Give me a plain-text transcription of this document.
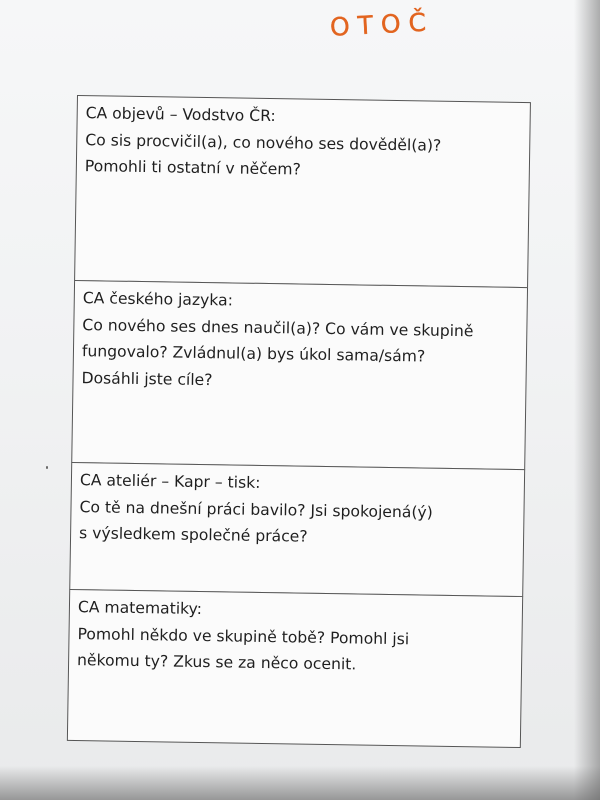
OTOČ
CA objevů – Vodstvo ČR:
Co sis procvičil(a), co nového ses dověděl(a)?
Pomohli ti ostatní v něčem?
CA českého jazyka:
Co nového ses dnes naučil(a)? Co vám ve skupině
fungovalo? Zvládnul(a) bys úkol sama/sám?
Dosáhli jste cíle?
CA ateliér – Kapr – tisk:
Co tě na dnešní práci bavilo? Jsi spokojená(ý)
s výsledkem společné práce?
CA matematiky:
Pomohl někdo ve skupině tobě? Pomohl jsi
někomu ty? Zkus se za něco ocenit.
